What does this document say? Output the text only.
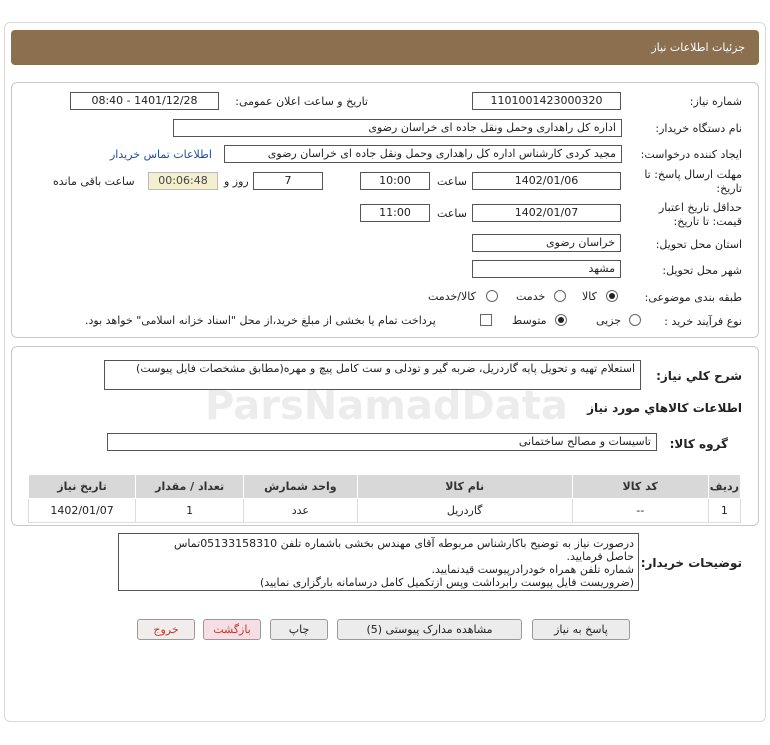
جزئیات اطلاعات نیاز
شماره نیاز:
1101001423000320
تاریخ و ساعت اعلان عمومی:
1401/12/28 - 08:40
نام دستگاه خریدار:
اداره کل راهداری وحمل ونقل جاده ای خراسان رضوی
ایجاد کننده درخواست:
مجید کردی کارشناس اداره کل راهداری وحمل ونقل جاده ای خراسان رضوی
اطلاعات تماس خریدار
مهلت ارسال پاسخ: تا
تاریخ:
1402/01/06
ساعت
10:00
7
روز و
00:06:48
ساعت باقی مانده
حداقل تاریخ اعتبار
قیمت: تا تاریخ:
1402/01/07
ساعت
11:00
استان محل تحویل:
خراسان رضوی
شهر محل تحویل:
مشهد
طبقه بندی موضوعی:
کالا
خدمت
کالا/خدمت
نوع فرآیند خرید :
جزیی
متوسط
پرداخت تمام یا بخشی از مبلغ خرید،از محل "اسناد خزانه اسلامی" خواهد بود.
شرح کلي نياز:
استعلام تهیه و تحویل پایه گاردریل، ضربه گیر و تودلی و ست کامل پیچ و مهره(مطابق مشخصات فایل پیوست)
اطلاعات کالاهاي مورد نياز
گروه کالا:
تاسیسات و مصالح ساختمانی
ردیف	کد کالا	نام کالا	واحد شمارش	تعداد / مقدار	تاریخ نیاز
1	--	گاردریل	عدد	1	1402/01/07
توضیحات خریدار:
درصورت نیاز به توضیح باکارشناس مربوطه آقای مهندس بخشی باشماره تلفن 05133158310تماس
حاصل فرمایید.
شماره تلفن همراه خودرادرپیوست قیدنمایید.
(ضروریست فایل پیوست رابرداشت وپس ازتکمیل کامل درسامانه بارگزاری نمایید)
پاسخ به نیاز
مشاهده مدارک پیوستی (5)
چاپ
بازگشت
خروج
